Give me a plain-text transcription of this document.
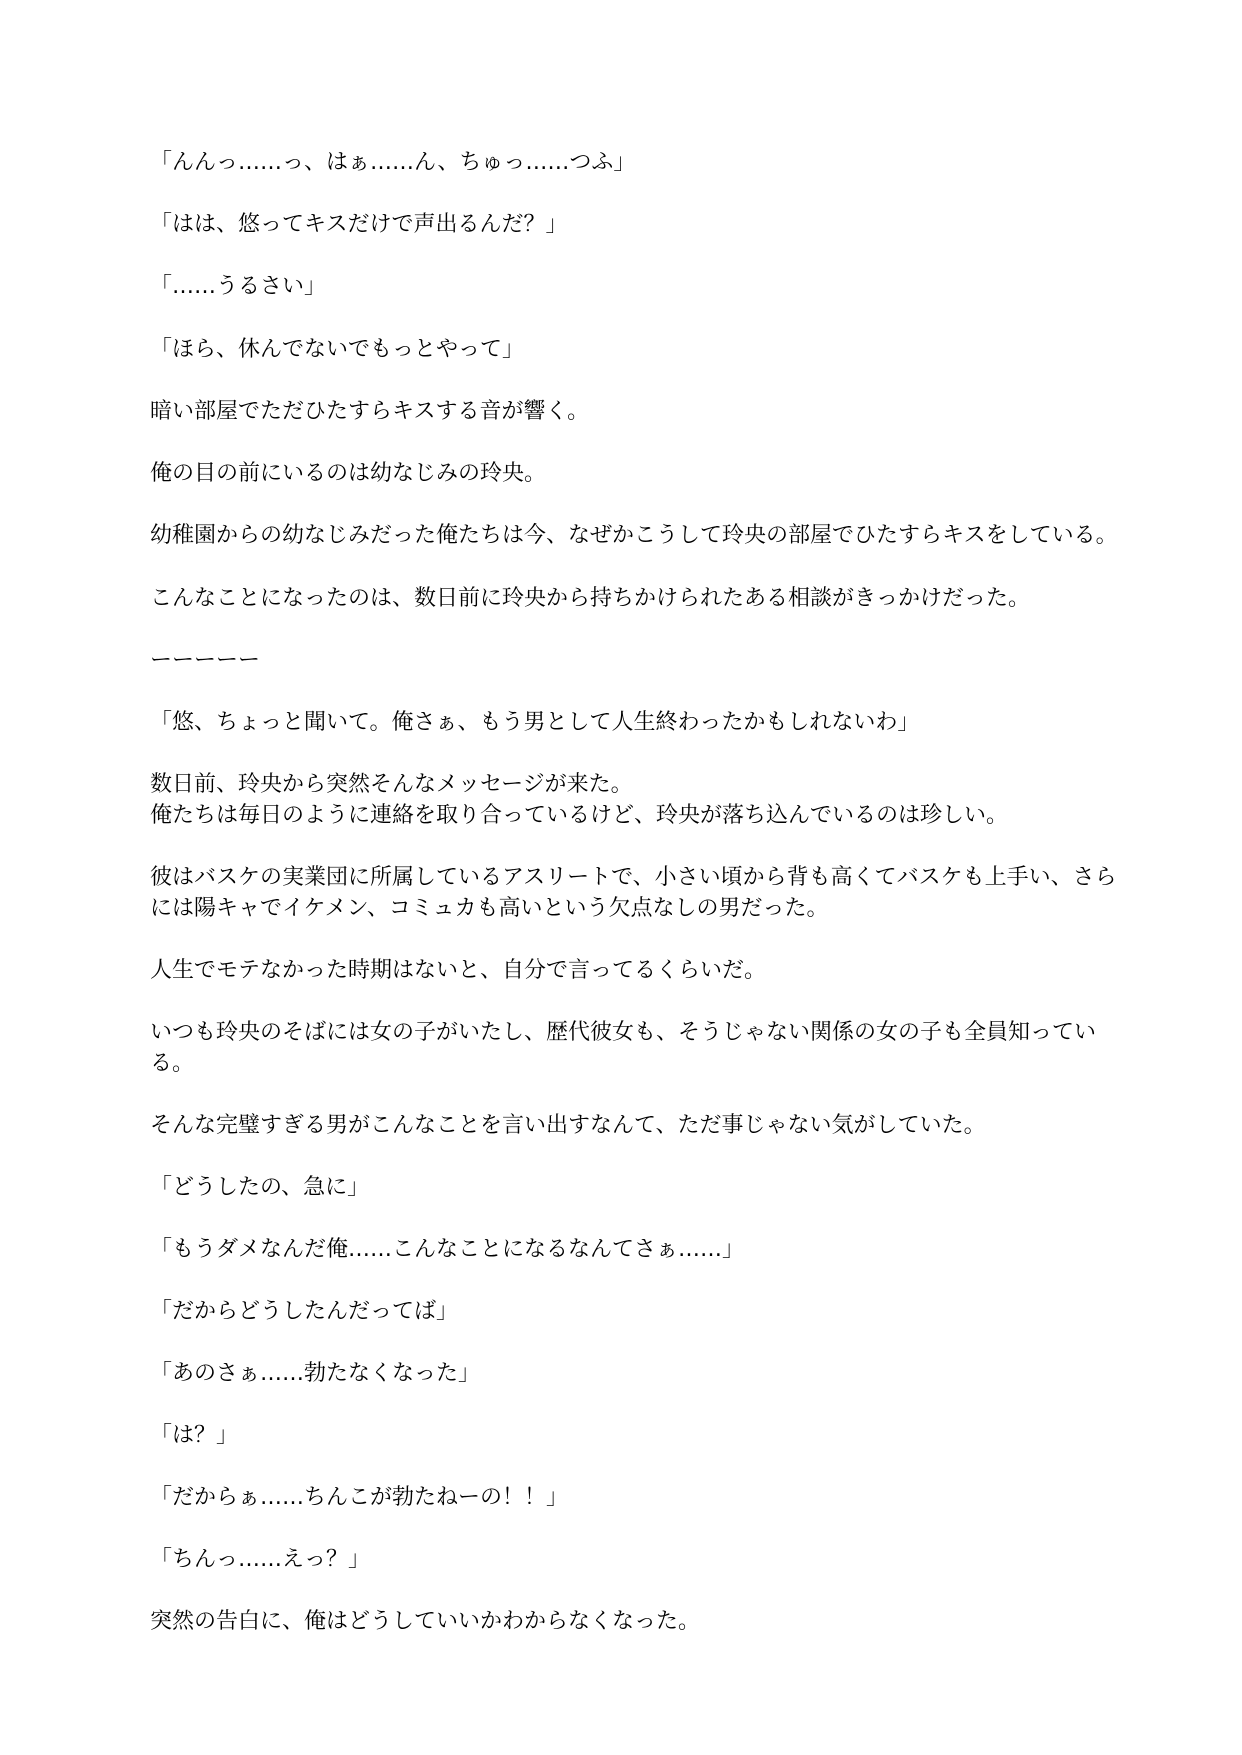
「んんっ……っ、はぁ……ん、ちゅっ……つふ」

「はは、悠ってキスだけで声出るんだ？」

「……うるさい」

「ほら、休んでないでもっとやって」

暗い部屋でただひたすらキスする音が響く。

俺の目の前にいるのは幼なじみの玲央。

幼稚園からの幼なじみだった俺たちは今、なぜかこうして玲央の部屋でひたすらキスをしている。

こんなことになったのは、数日前に玲央から持ちかけられたある相談がきっかけだった。

ーーーーー

「悠、ちょっと聞いて。俺さぁ、もう男として人生終わったかもしれないわ」

数日前、玲央から突然そんなメッセージが来た。

俺たちは毎日のように連絡を取り合っているけど、玲央が落ち込んでいるのは珍しい。

彼はバスケの実業団に所属しているアスリートで、小さい頃から背も高くてバスケも上手い、さら

には陽キャでイケメン、コミュカも高いという欠点なしの男だった。

人生でモテなかった時期はないと、自分で言ってるくらいだ。

いつも玲央のそばには女の子がいたし、歴代彼女も、そうじゃない関係の女の子も全員知ってい

る。

そんな完璧すぎる男がこんなことを言い出すなんて、ただ事じゃない気がしていた。

「どうしたの、急に」

「もうダメなんだ俺……こんなことになるなんてさぁ……」

「だからどうしたんだってば」

「あのさぁ……勃たなくなった」

「は？」

「だからぁ……ちんこが勃たねーの！！」

「ちんっ……えっ？」

突然の告白に、俺はどうしていいかわからなくなった。
